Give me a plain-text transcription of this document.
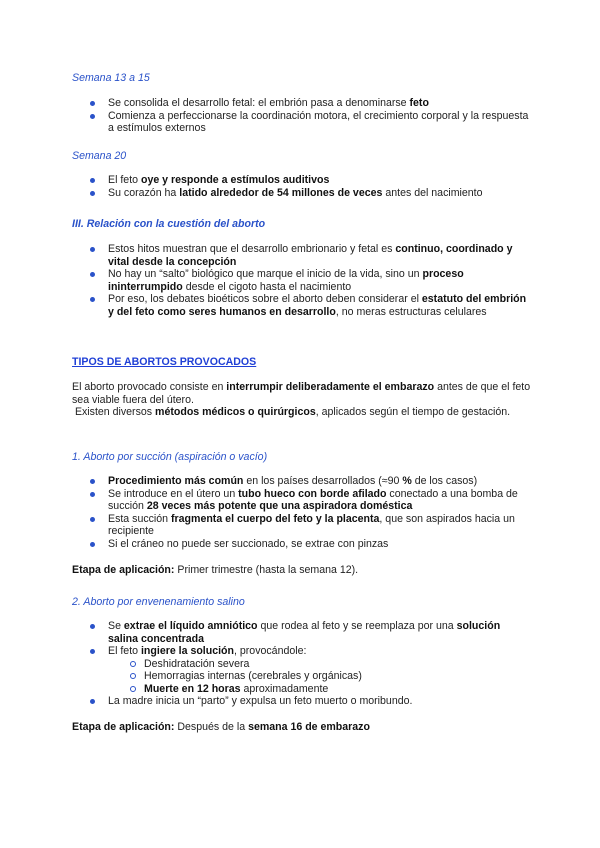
Semana 13 a 15
Se consolida el desarrollo fetal: el embrión pasa a denominarse feto
Comienza a perfeccionarse la coordinación motora, el crecimiento corporal y la respuesta a estímulos externos
Semana 20
El feto oye y responde a estímulos auditivos
Su corazón ha latido alrededor de 54 millones de veces antes del nacimiento
III. Relación con la cuestión del aborto
Estos hitos muestran que el desarrollo embrionario y fetal es continuo, coordinado y vital desde la concepción
No hay un “salto” biológico que marque el inicio de la vida, sino un proceso ininterrumpido desde el cigoto hasta el nacimiento
Por eso, los debates bioéticos sobre el aborto deben considerar el estatuto del embrión y del feto como seres humanos en desarrollo, no meras estructuras celulares
TIPOS DE ABORTOS PROVOCADOS
El aborto provocado consiste en interrumpir deliberadamente el embarazo antes de que el feto sea viable fuera del útero.
Existen diversos métodos médicos o quirúrgicos, aplicados según el tiempo de gestación.
1. Aborto por succión (aspiración o vacío)
Procedimiento más común en los países desarrollados (≈90 % de los casos)
Se introduce en el útero un tubo hueco con borde afilado conectado a una bomba de succión 28 veces más potente que una aspiradora doméstica
Esta succión fragmenta el cuerpo del feto y la placenta, que son aspirados hacia un recipiente
Si el cráneo no puede ser succionado, se extrae con pinzas
Etapa de aplicación: Primer trimestre (hasta la semana 12).
2. Aborto por envenenamiento salino
Se extrae el líquido amniótico que rodea al feto y se reemplaza por una solución salina concentrada
El feto ingiere la solución, provocándole:
Deshidratación severa
Hemorragias internas (cerebrales y orgánicas)
Muerte en 12 horas aproximadamente
La madre inicia un “parto” y expulsa un feto muerto o moribundo.
Etapa de aplicación: Después de la semana 16 de embarazo
